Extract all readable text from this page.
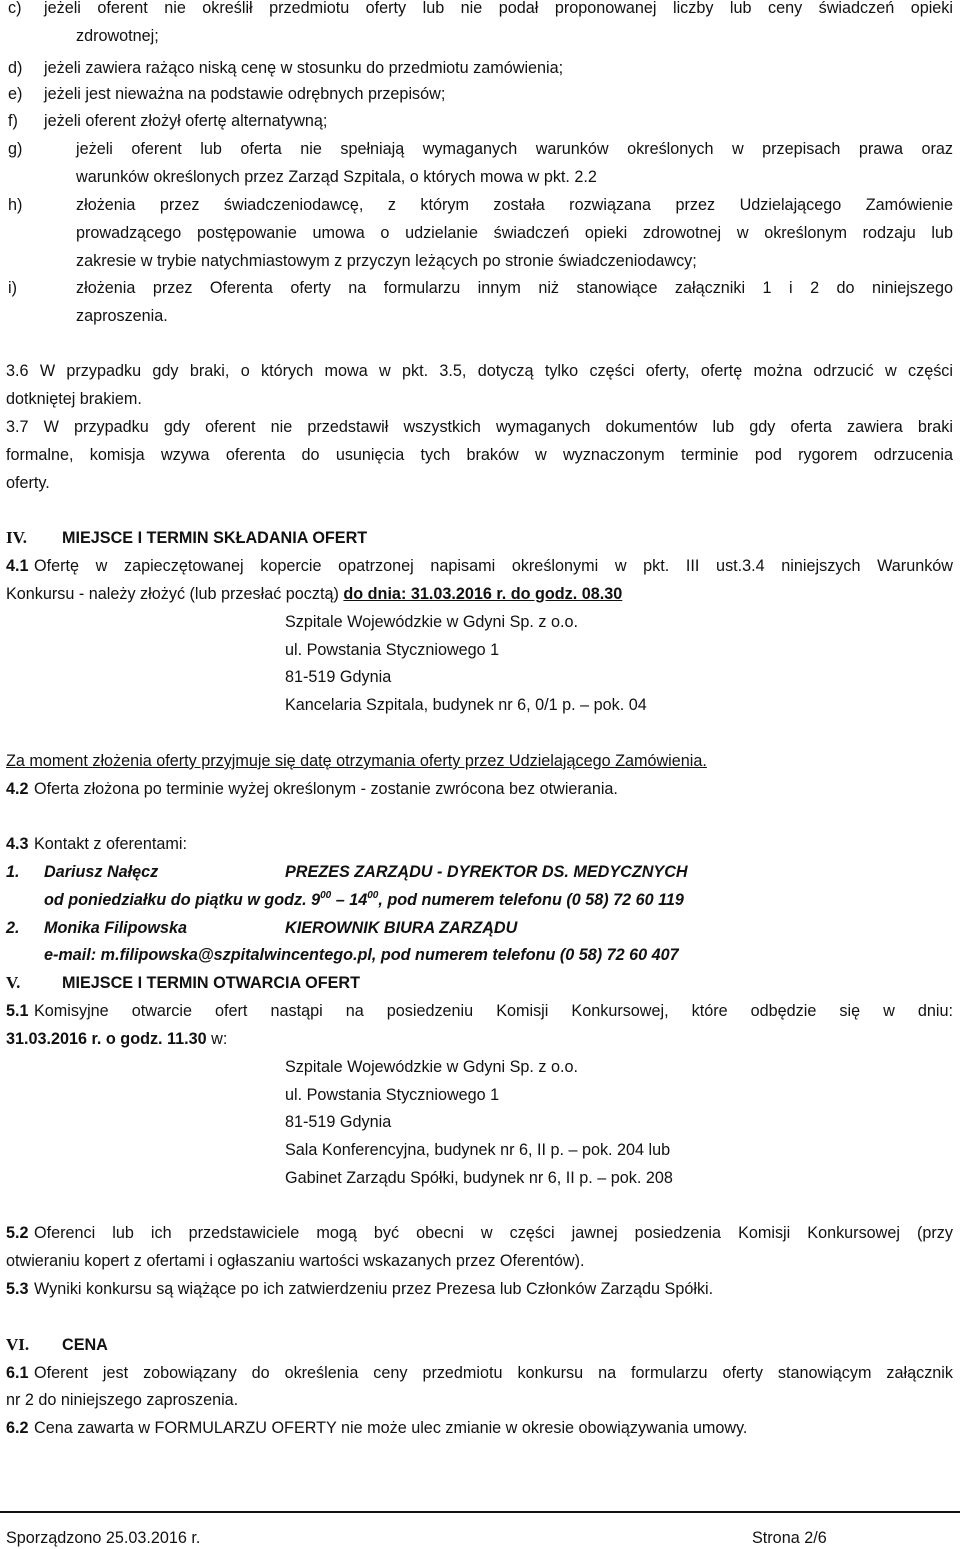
c) jeżeli oferent nie określił przedmiotu oferty lub nie podał proponowanej liczby lub ceny świadczeń opieki
zdrowotnej;
d) jeżeli zawiera rażąco niską cenę w stosunku do przedmiotu zamówienia;
e) jeżeli jest nieważna na podstawie odrębnych przepisów;
f) jeżeli oferent złożył ofertę alternatywną;
g)	jeżeli oferent lub oferta nie spełniają wymaganych warunków określonych w przepisach prawa oraz
warunków określonych przez Zarząd Szpitala, o których mowa w pkt. 2.2
h)	złożenia przez świadczeniodawcę, z którym została rozwiązana przez Udzielającego Zamówienie
prowadzącego postępowanie umowa o udzielanie świadczeń opieki zdrowotnej w określonym rodzaju lub
zakresie w trybie natychmiastowym z przyczyn leżących po stronie świadczeniodawcy;
i)	złożenia przez Oferenta oferty na formularzu innym niż stanowiące załączniki 1 i 2 do niniejszego
zaproszenia.
3.6 W przypadku gdy braki, o których mowa w pkt. 3.5, dotyczą tylko części oferty, ofertę można odrzucić w części
dotkniętej brakiem.
3.7 W przypadku gdy oferent nie przedstawił wszystkich wymaganych dokumentów lub gdy oferta zawiera braki
formalne, komisja wzywa oferenta do usunięcia tych braków w wyznaczonym terminie pod rygorem odrzucenia
oferty.
IV. MIEJSCE I TERMIN SKŁADANIA OFERT
4.1 Ofertę w zapieczętowanej kopercie opatrzonej napisami określonymi w pkt. III ust.3.4 niniejszych Warunków
Konkursu - należy złożyć (lub przesłać pocztą) do dnia: 31.03.2016 r. do godz. 08.30
Szpitale Wojewódzkie w Gdyni Sp. z o.o.
ul. Powstania Styczniowego 1
81-519 Gdynia
Kancelaria Szpitala, budynek nr 6, 0/1 p. – pok. 04
Za moment złożenia oferty przyjmuje się datę otrzymania oferty przez Udzielającego Zamówienia.
4.2 Oferta złożona po terminie wyżej określonym - zostanie zwrócona bez otwierania.
4.3 Kontakt z oferentami:
1. Dariusz Nałęcz	PREZES ZARZĄDU - DYREKTOR DS. MEDYCZNYCH
od poniedziałku do piątku w godz. $9^{00} - 14^{00}$, pod numerem telefonu (0 58) 72 60 119
2. Monika Filipowska	KIEROWNIK BIURA ZARZĄDU
e-mail: m.filipowska@szpitalwincentego.pl, pod numerem telefonu (0 58) 72 60 407
V.	MIEJSCE I TERMIN OTWARCIA OFERT
5.1 Komisyjne otwarcie ofert nastąpi na posiedzeniu Komisji Konkursowej, które odbędzie się w dniu:
31.03.2016 r. o godz. 11.30 w:
Szpitale Wojewódzkie w Gdyni Sp. z o.o.
ul. Powstania Styczniowego 1
81-519 Gdynia
Sala Konferencyjna, budynek nr 6, II p. – pok. 204 lub
Gabinet Zarządu Spółki, budynek nr 6, II p. – pok. 208
5.2 Oferenci lub ich przedstawiciele mogą być obecni w części jawnej posiedzenia Komisji Konkursowej (przy
otwieraniu kopert z ofertami i ogłaszaniu wartości wskazanych przez Oferentów).
5.3 Wyniki konkursu są wiążące po ich zatwierdzeniu przez Prezesa lub Członków Zarządu Spółki.
VI. CENA
6.1 Oferent jest zobowiązany do określenia ceny przedmiotu konkursu na formularzu oferty stanowiącym załącznik
nr 2 do niniejszego zaproszenia.
6.2 Cena zawarta w FORMULARZU OFERTY nie może ulec zmianie w okresie obowiązywania umowy.
Sporządzono 25.03.2016 r.	Strona 2/6
